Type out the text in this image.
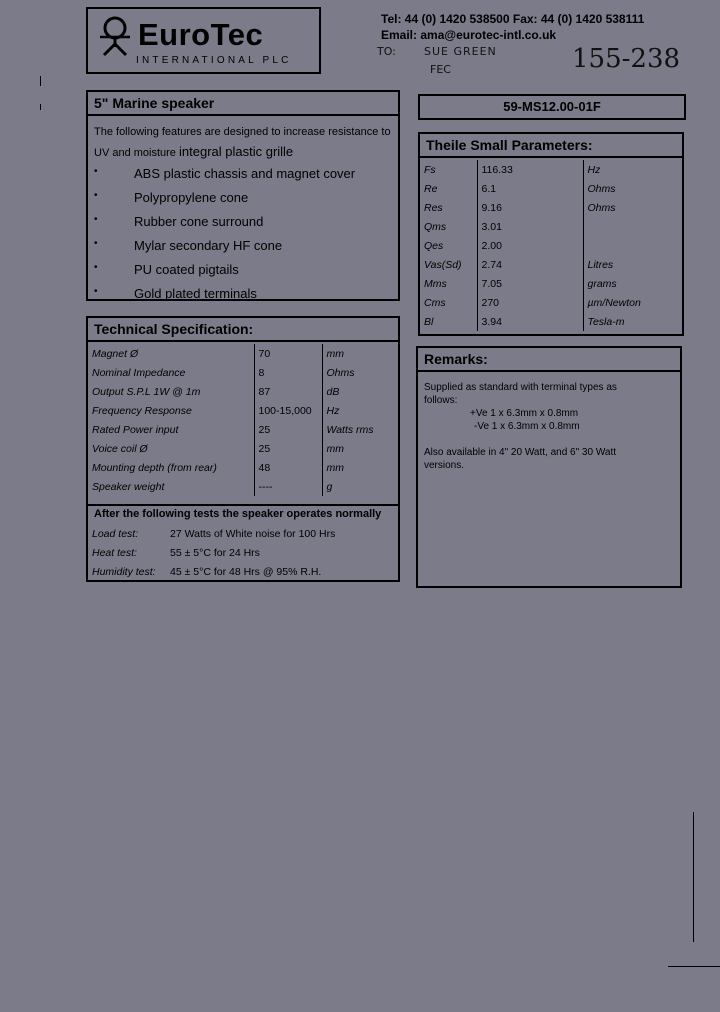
EuroTec
INTERNATIONAL PLC
Tel: 44 (0) 1420 538500 Fax: 44 (0) 1420 538111
Email: ama@eurotec-intl.co.uk
TO:	SUE GREEN
FEC	155-238
5" Marine speaker
The following features are designed to increase resistance to
UV and moisture integral plastic grille
•	ABS plastic chassis and magnet cover
•	Polypropylene cone
•	Rubber cone surround
•	Mylar secondary HF cone
•	PU coated pigtails
•	Gold plated terminals
59-MS12.00-01F
Theile Small Parameters:
Fs	116.33	Hz
Re	6.1	Ohms
Res	9.16	Ohms
Qms	3.01	
Qes	2.00	
Vas(Sd)	2.74	Litres
Mms	7.05	grams
Cms	270	µm/Newton
Bl	3.94	Tesla-m
Technical Specification:
Magnet Ø	70	mm
Nominal Impedance	8	Ohms
Output S.P.L 1W @ 1m	87	dB
Frequency Response	100-15,000	Hz
Rated Power input	25	Watts rms
Voice coil Ø	25	mm
Mounting depth (from rear)	48	mm
Speaker weight	----	g
After the following tests the speaker operates normally
Load test:	27 Watts of White noise for 100 Hrs
Heat test:	55 ± 5°C for 24 Hrs
Humidity test: 45 ± 5°C for 48 Hrs @ 95% R.H.
Remarks:
Supplied as standard with terminal types as
follows:
+Ve 1 x 6.3mm x 0.8mm
-Ve 1 x 6.3mm x 0.8mm
Also available in 4" 20 Watt, and 6" 30 Watt
versions.
